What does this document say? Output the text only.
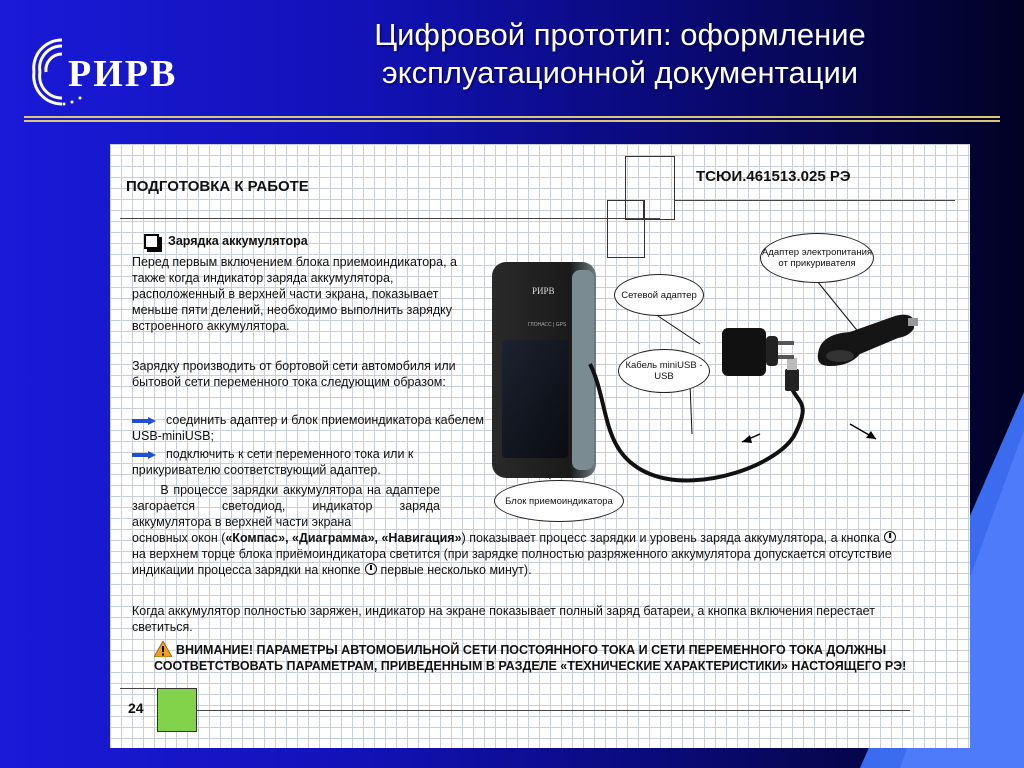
РИРВ
Цифровой прототип: оформление
эксплуатационной документации
ПОДГОТОВКА К РАБОТЕ
ТСЮИ.461513.025 РЭ
Зарядка аккумулятора

Перед первым включением блока приемоиндикатора, а также когда индикатор заряда аккумулятора, расположенный в верхней части экрана, показывает меньше пяти делений, необходимо выполнить зарядку встроенного аккумулятора.

Зарядку производить от бортовой сети автомобиля или бытовой сети переменного тока следующим образом:

соединить адаптер и блок приемоиндикатора кабелем USB-miniUSB;
подключить к сети переменного тока или к прикуривателю соответствующий адаптер.

В процессе зарядки аккумулятора на адаптере загорается светодиод, индикатор заряда аккумулятора в верхней части экрана

основных окон («Компас», «Диаграмма», «Навигация») показывает процесс зарядки и уровень заряда аккумулятора, а кнопкана верхнем торце блока приёмоиндикатора светится (при зарядке полностью разряженного аккумулятора допускается отсутствие индикации процесса зарядки на кнопке первые несколько минут).

Когда аккумулятор полностью заряжен, индикатор на экране показывает полный заряд батареи, а кнопка включения перестает светиться.

ВНИМАНИЕ! ПАРАМЕТРЫ АВТОМОБИЛЬНОЙ СЕТИ ПОСТОЯННОГО ТОКА И СЕТИ ПЕРЕМЕННОГО ТОКА ДОЛЖНЫ СООТВЕТСТВОВАТЬ ПАРАМЕТРАМ, ПРИВЕДЕННЫМ В РАЗДЕЛЕ «ТЕХНИЧЕСКИЕ ХАРАКТЕРИСТИКИ» НАСТОЯЩЕГО РЭ!
24
РИРВ
ГЛОНАСС | GPS
Адаптер электропитания от прикуривателя
Сетевой адаптер
Кабель miniUSB - USB
Блок приемоиндикатора
